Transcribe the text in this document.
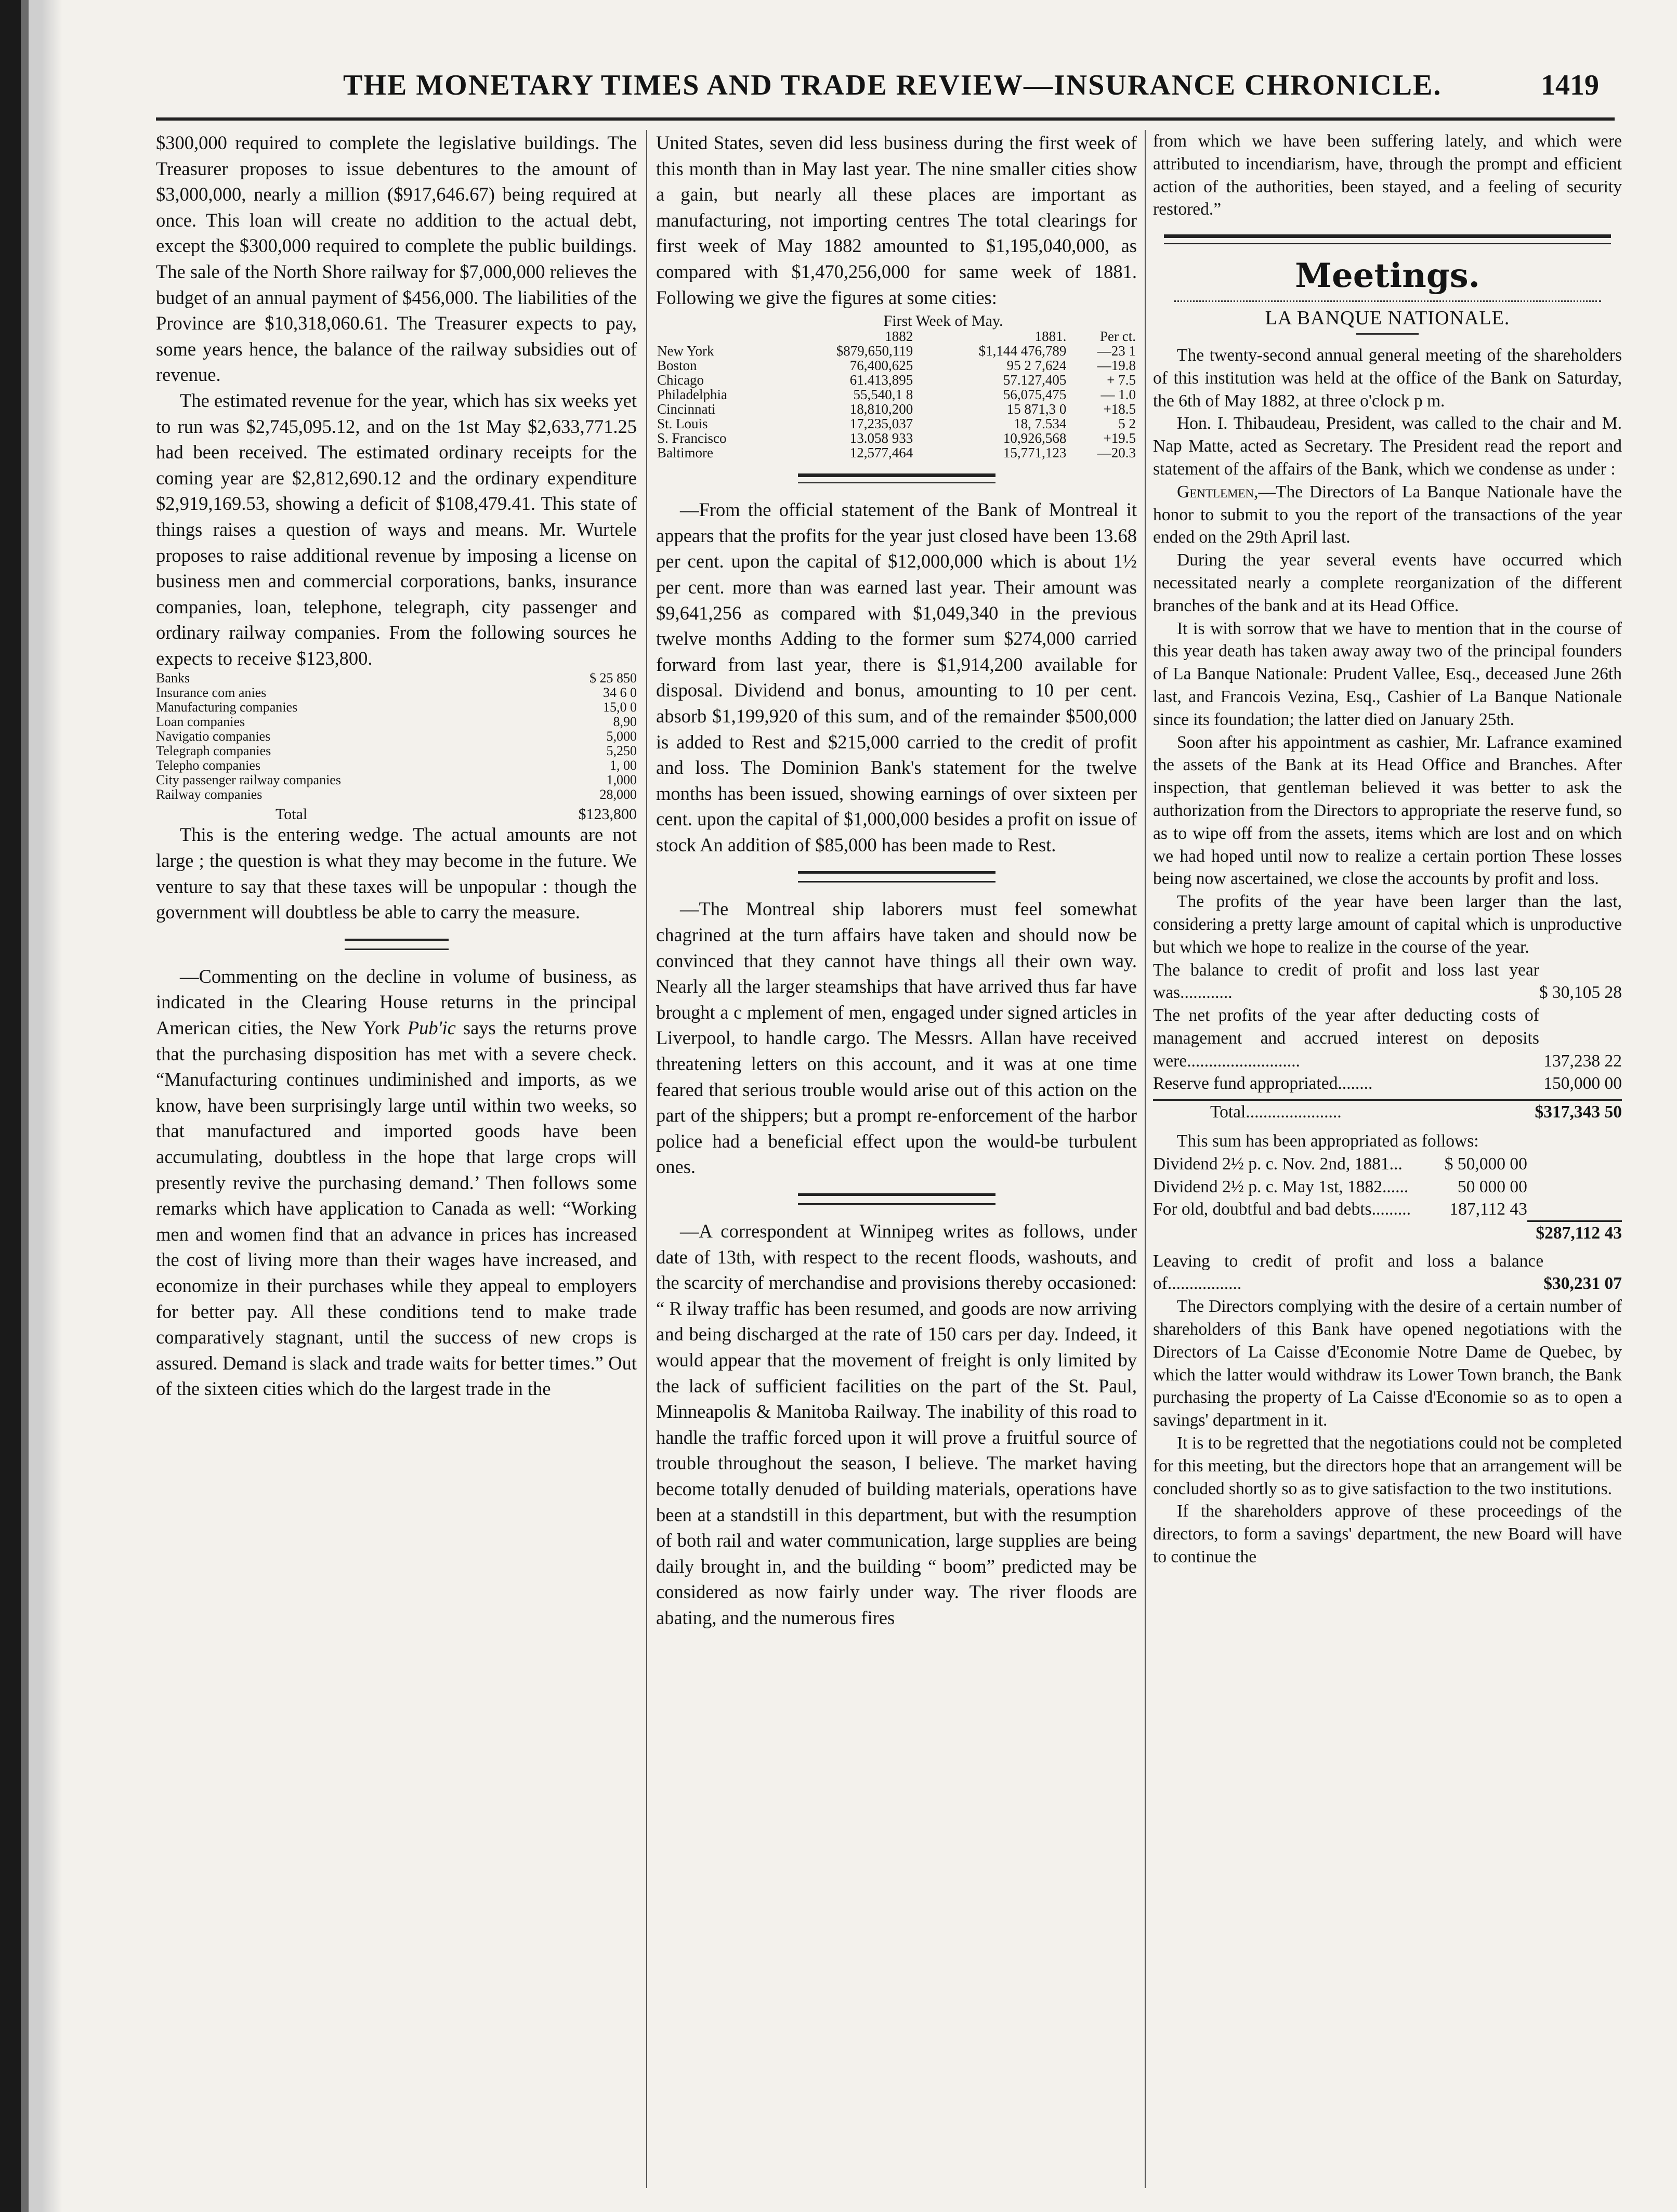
THE MONETARY TIMES AND TRADE REVIEW—INSURANCE CHRONICLE.	1419

$300,000 required to complete the legislative buildings. The Treasurer proposes to issue debentures to the amount of $3,000,000, nearly a million ($917,646.67) being required at once. This loan will create no addition to the actual debt, except the $300,000 required to complete the public buildings. The sale of the North Shore railway for $7,000,000 relieves the budget of an annual payment of $456,000. The liabilities of the Province are $10,318,060.61. The Treasurer expects to pay, some years hence, the balance of the railway subsidies out of revenue.

The estimated revenue for the year, which has six weeks yet to run was $2,745,095.12, and on the 1st May $2,633,771.25 had been received. The estimated ordinary receipts for the coming year are $2,812,690.12 and the ordinary expenditure $2,919,169.53, showing a deficit of $108,479.41. This state of things raises a question of ways and means. Mr. Wurtele proposes to raise additional revenue by imposing a license on business men and commercial corporations, banks, insurance companies, loan, telephone, telegraph, city passenger and ordinary railway companies. From the following sources he expects to receive $123,800.

Banks	$ 25 850
Insurance com anies	34 6 0
Manufacturing companies	15,0 0
Loan companies	8,90
Navigatio companies	5,000
Telegraph companies	5,250
Telepho companies	1, 00
City passenger railway companies	1,000
Railway companies	28,000
Total	$123,800

This is the entering wedge. The actual amounts are not large ; the question is what they may become in the future. We venture to say that these taxes will be unpopular : though the government will doubtless be able to carry the measure.

—Commenting on the decline in volume of business, as indicated in the Clearing House returns in the principal American cities, the New York Pub'ic says the returns prove that the purchasing disposition has met with a severe check. “Manufacturing continues undiminished and imports, as we know, have been surprisingly large until within two weeks, so that manufactured and imported goods have been accumulating, doubtless in the hope that large crops will presently revive the purchasing demand.’ Then follows some remarks which have application to Canada as well: “Working men and women find that an advance in prices has increased the cost of living more than their wages have increased, and economize in their purchases while they appeal to employers for better pay. All these conditions tend to make trade comparatively stagnant, until the success of new crops is assured. Demand is slack and trade waits for better times.” Out of the sixteen cities which do the largest trade in the

United States, seven did less business during the first week of this month than in May last year. The nine smaller cities show a gain, but nearly all these places are important as manufacturing, not importing centres The total clearings for first week of May 1882 amounted to $1,195,040,000, as compared with $1,470,256,000 for same week of 1881. Following we give the figures at some cities:

First Week of May.
	1882	1881.	Per ct.
New York	$879,650,119	$1,144 476,789	—23 1
Boston	76,400,625	95 2 7,624	—19.8
Chicago	61.413,895	57.127,405	+ 7.5
Philadelphia	55,540,1 8	56,075,475	— 1.0
Cincinnati	18,810,200	15 871,3 0	+18.5
St. Louis	17,235,037	18, 7.534	5 2
S. Francisco	13.058 933	10,926,568	+19.5
Baltimore	12,577,464	15,771,123	—20.3

—From the official statement of the Bank of Montreal it appears that the profits for the year just closed have been 13.68 per cent. upon the capital of $12,000,000 which is about 1½ per cent. more than was earned last year. Their amount was $9,641,256 as compared with $1,049,340 in the previous twelve months Adding to the former sum $274,000 carried forward from last year, there is $1,914,200 available for disposal. Dividend and bonus, amounting to 10 per cent. absorb $1,199,920 of this sum, and of the remainder $500,000 is added to Rest and $215,000 carried to the credit of profit and loss. The Dominion Bank's statement for the twelve months has been issued, showing earnings of over sixteen per cent. upon the capital of $1,000,000 besides a profit on issue of stock An addition of $85,000 has been made to Rest.

—The Montreal ship laborers must feel somewhat chagrined at the turn affairs have taken and should now be convinced that they cannot have things all their own way. Nearly all the larger steamships that have arrived thus far have brought a c mplement of men, engaged under signed articles in Liverpool, to handle cargo. The Messrs. Allan have received threatening letters on this account, and it was at one time feared that serious trouble would arise out of this action on the part of the shippers; but a prompt re-enforcement of the harbor police had a beneficial effect upon the would-be turbulent ones.

—A correspondent at Winnipeg writes as follows, under date of 13th, with respect to the recent floods, washouts, and the scarcity of merchandise and provisions thereby occasioned: “ R ilway traffic has been resumed, and goods are now arriving and being discharged at the rate of 150 cars per day. Indeed, it would appear that the movement of freight is only limited by the lack of sufficient facilities on the part of the St. Paul, Minneapolis & Manitoba Railway. The inability of this road to handle the traffic forced upon it will prove a fruitful source of trouble throughout the season, I believe. The market having become totally denuded of building materials, operations have been at a standstill in this department, but with the resumption of both rail and water communication, large supplies are being daily brought in, and the building “ boom” predicted may be considered as now fairly under way. The river floods are abating, and the numerous fires

from which we have been suffering lately, and which were attributed to incendiarism, have, through the prompt and efficient action of the authorities, been stayed, and a feeling of security restored.”

Meetings.
LA BANQUE NATIONALE.

The twenty-second annual general meeting of the shareholders of this institution was held at the office of the Bank on Saturday, the 6th of May 1882, at three o'clock p m.

Hon. I. Thibaudeau, President, was called to the chair and M. Nap Matte, acted as Secretary. The President read the report and statement of the affairs of the Bank, which we condense as under :

Gentlemen,—The Directors of La Banque Nationale have the honor to submit to you the report of the transactions of the year ended on the 29th April last.

During the year several events have occurred which necessitated nearly a complete reorganization of the different branches of the bank and at its Head Office.

It is with sorrow that we have to mention that in the course of this year death has taken away away two of the principal founders of La Banque Nationale: Prudent Vallee, Esq., deceased June 26th last, and Francois Vezina, Esq., Cashier of La Banque Nationale since its foundation; the latter died on January 25th.

Soon after his appointment as cashier, Mr. Lafrance examined the assets of the Bank at its Head Office and Branches. After inspection, that gentleman believed it was better to ask the authorization from the Directors to appropriate the reserve fund, so as to wipe off from the assets, items which are lost and on which we had hoped until now to realize a certain portion These losses being now ascertained, we close the accounts by profit and loss.

The profits of the year have been larger than the last, considering a pretty large amount of capital which is unproductive but which we hope to realize in the course of the year.

The balance to credit of profit and loss last year was............	$ 30,105 28
The net profits of the year after deducting costs of management and accrued interest on deposits were..........................	137,238 22
Reserve fund appropriated........	150,000 00
Total......................	$317,343 50

This sum has been appropriated as follows:

Dividend 2½ p. c. Nov. 2nd, 1881...	$ 50,000 00	
Dividend 2½ p. c. May 1st, 1882......	50 000 00	
For old, doubtful and bad debts.........	187,112 43	
		$287,112 43
Leaving to credit of profit and loss a balance of.................	$30,231 07

The Directors complying with the desire of a certain number of shareholders of this Bank have opened negotiations with the Directors of La Caisse d'Economie Notre Dame de Quebec, by which the latter would withdraw its Lower Town branch, the Bank purchasing the property of La Caisse d'Economie so as to open a savings' department in it.

It is to be regretted that the negotiations could not be completed for this meeting, but the directors hope that an arrangement will be concluded shortly so as to give satisfaction to the two institutions.

If the shareholders approve of these proceedings of the directors, to form a savings' department, the new Board will have to continue the
